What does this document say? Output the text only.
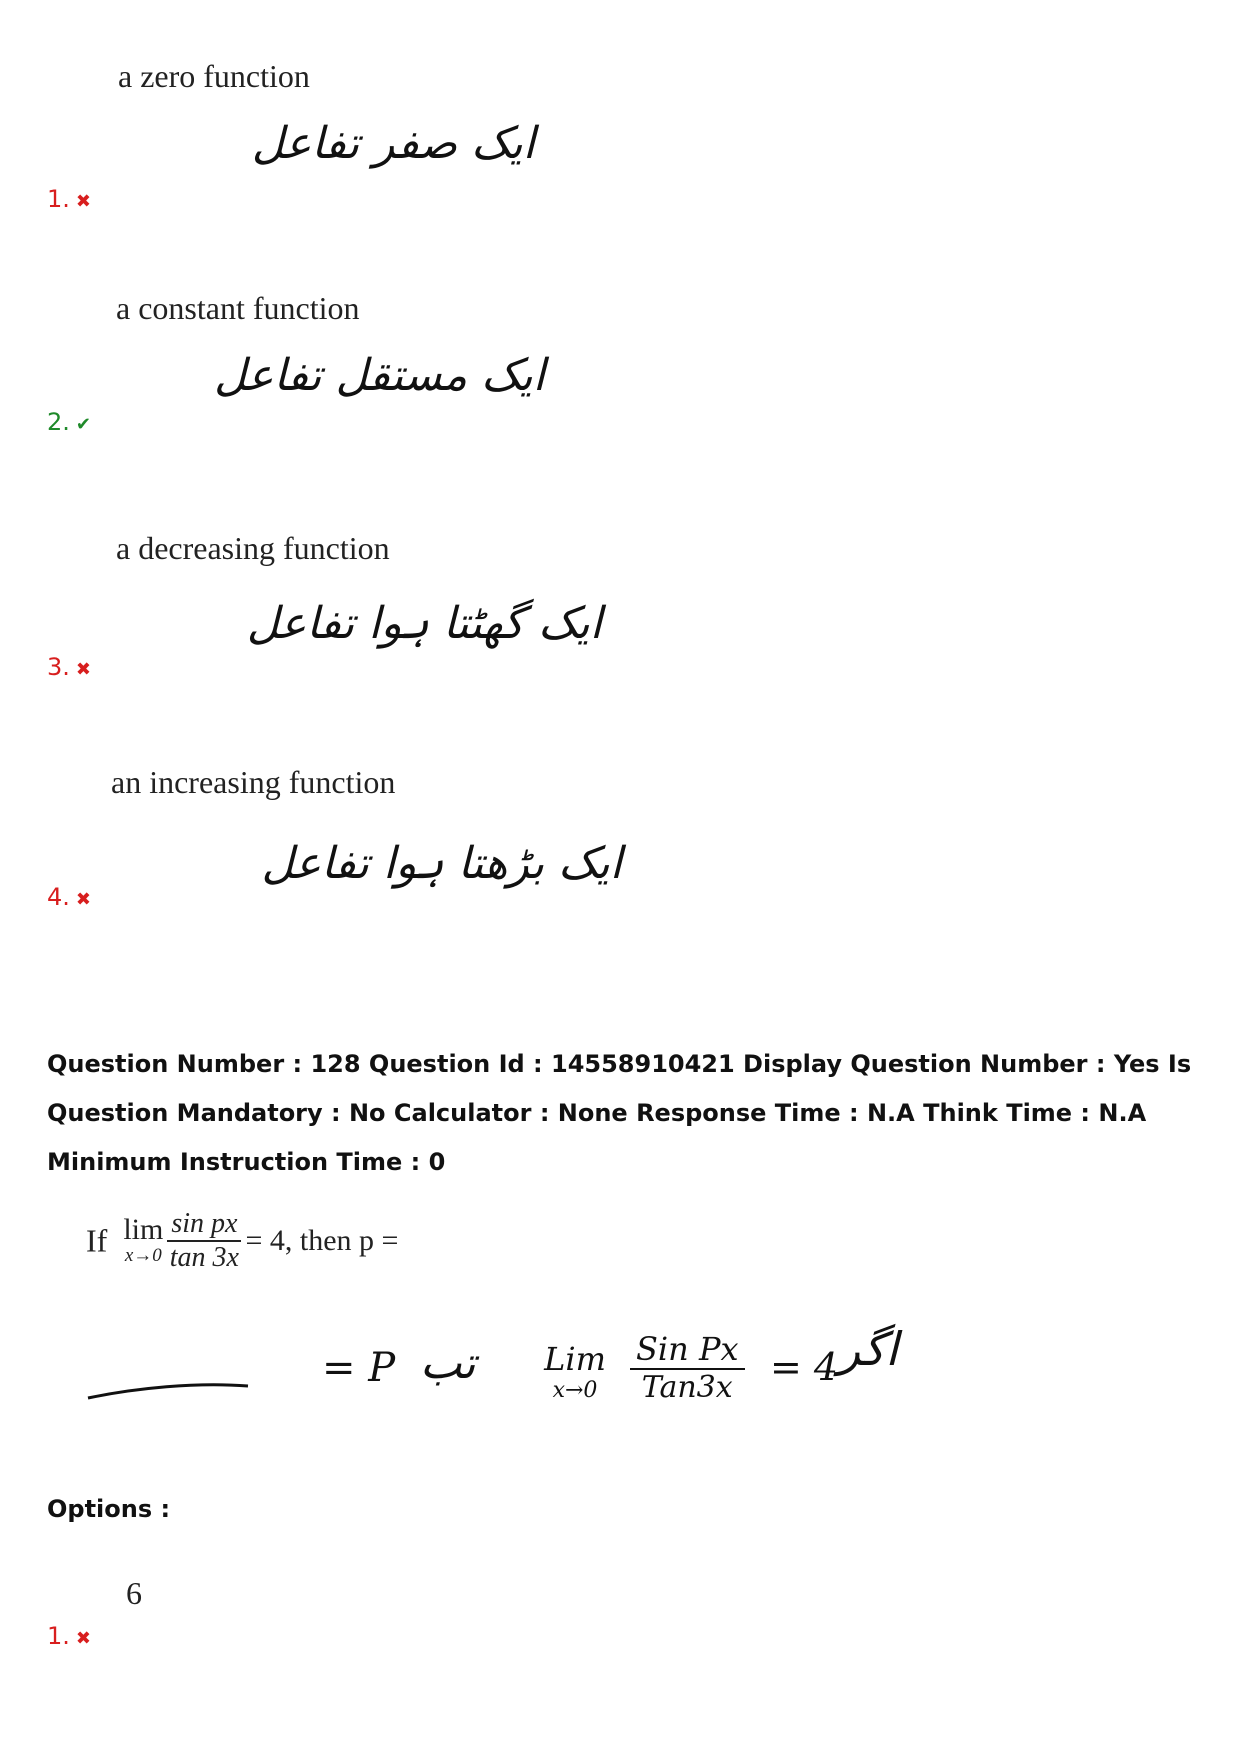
a zero function
ایک صفر تفاعل
1. ✖
a constant function
ایک مستقل تفاعل
2. ✔
a decreasing function
ایک گھٹتا ہوا تفاعل
3. ✖
an increasing function
ایک بڑھتا ہوا تفاعل
4. ✖
Question Number : 128 Question Id : 14558910421 Display Question Number : Yes Is Question Mandatory : No Calculator : None Response Time : N.A Think Time : N.A Minimum Instruction Time : 0
If lim
x→0
$\frac{\text{sin px}}{\tan 3x} = 4$, then p =
= P تب	Lim
x→0
Sin Px
Tan3x = 4 اگر
Options :
6
1. ✖
